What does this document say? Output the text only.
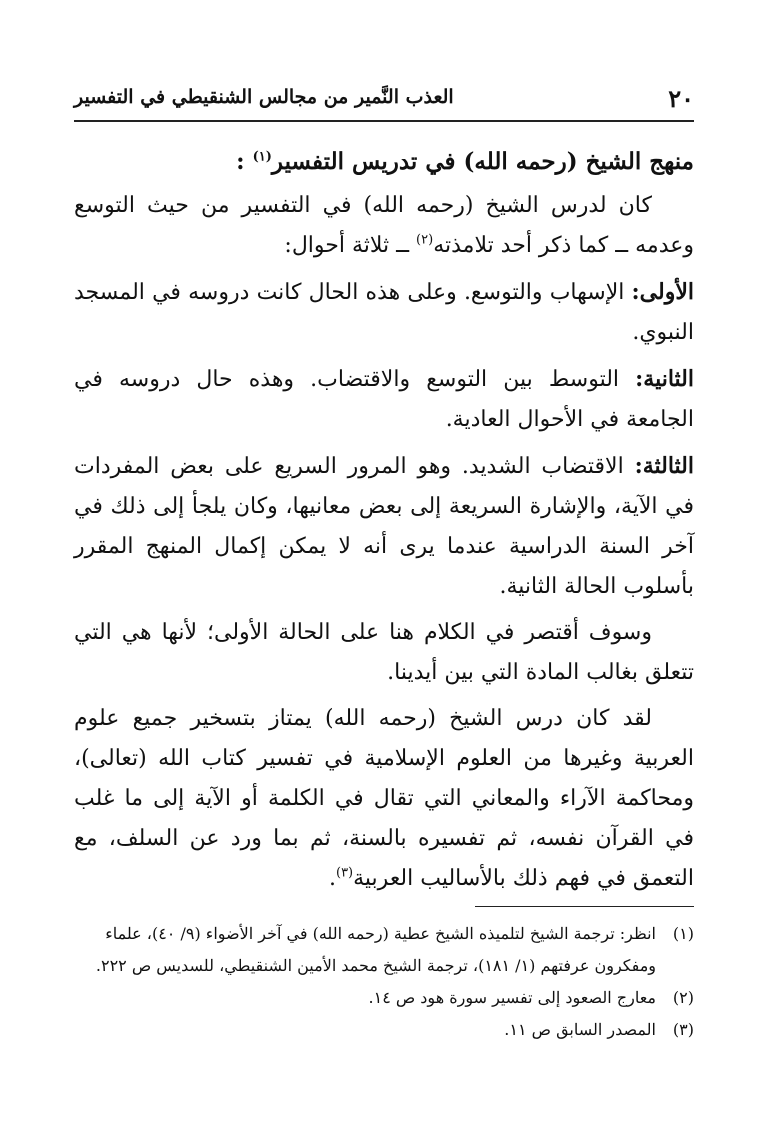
٢٠
العذب النَّمير من مجالس الشنقيطي في التفسير

منهج الشيخ (رحمه الله) في تدريس التفسير$^{(١)}$ :

كان لدرس الشيخ (رحمه الله) في التفسير من حيث التوسع وعدمه ــ كما ذكر أحد تلامذته$^{(٢)}$ ــ ثلاثة أحوال:

الأولى: الإسهاب والتوسع. وعلى هذه الحال كانت دروسه في المسجد النبوي.

الثانية: التوسط بين التوسع والاقتضاب. وهذه حال دروسه في الجامعة في الأحوال العادية.

الثالثة: الاقتضاب الشديد. وهو المرور السريع على بعض المفردات في الآية، والإشارة السريعة إلى بعض معانيها، وكان يلجأ إلى ذلك في آخر السنة الدراسية عندما يرى أنه لا يمكن إكمال المنهج المقرر بأسلوب الحالة الثانية.

وسوف أقتصر في الكلام هنا على الحالة الأولى؛ لأنها هي التي تتعلق بغالب المادة التي بين أيدينا.

لقد كان درس الشيخ (رحمه الله) يمتاز بتسخير جميع علوم العربية وغيرها من العلوم الإسلامية في تفسير كتاب الله (تعالى)، ومحاكمة الآراء والمعاني التي تقال في الكلمة أو الآية إلى ما غلب في القرآن نفسه، ثم تفسيره بالسنة، ثم بما ورد عن السلف، مع التعمق في فهم ذلك بالأساليب العربية$^{(٣)}$.

(١)
انظر: ترجمة الشيخ لتلميذه الشيخ عطية (رحمه الله) في آخر الأضواء (٩/ ٤٠)، علماء ومفكرون عرفتهم (١/ ١٨١)، ترجمة الشيخ محمد الأمين الشنقيطي، للسديس ص ٢٢٢.

(٢)
معارج الصعود إلى تفسير سورة هود ص ١٤.

(٣)
المصدر السابق ص ١١.
